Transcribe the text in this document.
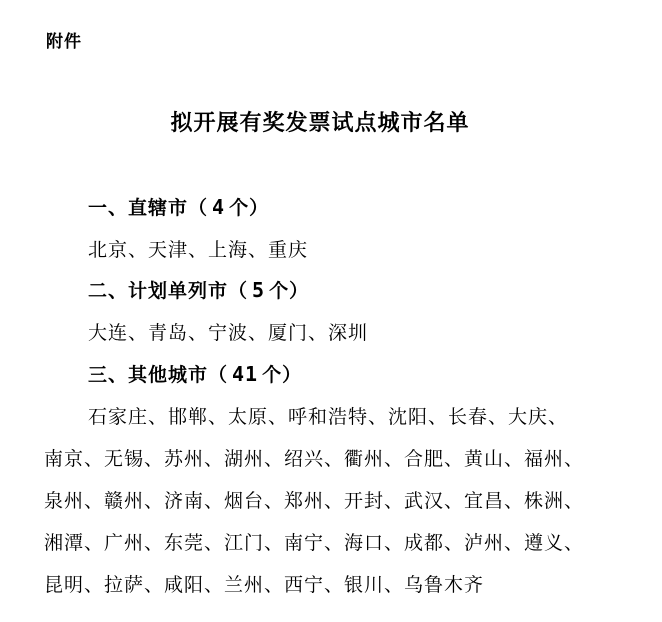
附件
拟开展有奖发票试点城市名单
一、直辖市（ 4 个）
北京、天津、上海、重庆
二、计划单列市（ 5 个）
大连、青岛、宁波、厦门、深圳
三、其他城市（ 41 个）
石家庄、邯郸、太原、呼和浩特、沈阳、长春、大庆、
南京、无锡、苏州、湖州、绍兴、衢州、合肥、黄山、福州、
泉州、赣州、济南、烟台、郑州、开封、武汉、宜昌、株洲、
湘潭、广州、东莞、江门、南宁、海口、成都、泸州、遵义、
昆明、拉萨、咸阳、兰州、西宁、银川、乌鲁木齐
